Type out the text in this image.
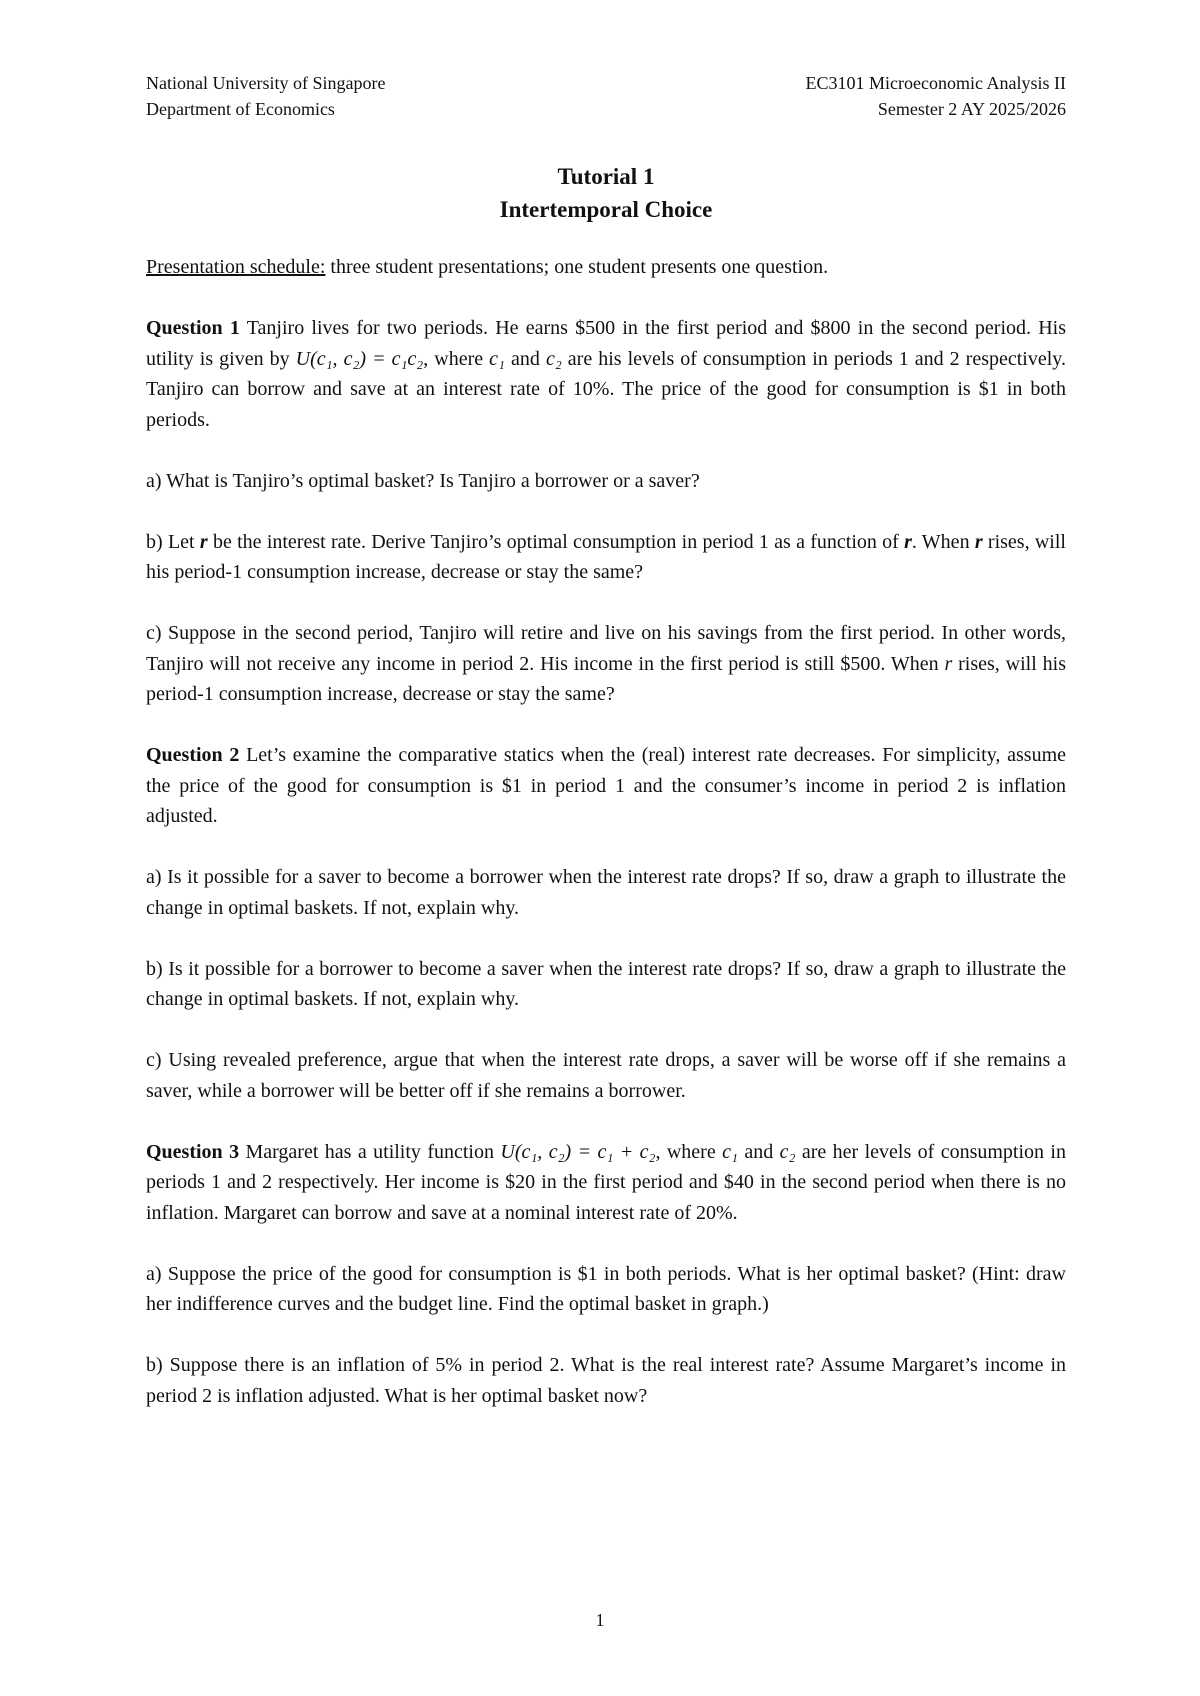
National University of Singapore
Department of Economics
EC3101 Microeconomic Analysis II
Semester 2 AY 2025/2026
Tutorial 1
Intertemporal Choice

Presentation schedule: three student presentations; one student presents one question.

Question 1 Tanjiro lives for two periods. He earns $500 in the first period and $800 in the second period. His utility is given by U(c₁, c₂) = c₁c₂, where c₁ and c₂ are his levels of consumption in periods 1 and 2 respectively. Tanjiro can borrow and save at an interest rate of 10%. The price of the good for consumption is $1 in both periods.

a) What is Tanjiro’s optimal basket? Is Tanjiro a borrower or a saver?

b) Let r be the interest rate. Derive Tanjiro’s optimal consumption in period 1 as a function of r. When r rises, will his period-1 consumption increase, decrease or stay the same?

c) Suppose in the second period, Tanjiro will retire and live on his savings from the first period. In other words, Tanjiro will not receive any income in period 2. His income in the first period is still $500. When r rises, will his period-1 consumption increase, decrease or stay the same?

Question 2 Let’s examine the comparative statics when the (real) interest rate decreases. For simplicity, assume the price of the good for consumption is $1 in period 1 and the consumer’s income in period 2 is inflation adjusted.

a) Is it possible for a saver to become a borrower when the interest rate drops? If so, draw a graph to illustrate the change in optimal baskets. If not, explain why.

b) Is it possible for a borrower to become a saver when the interest rate drops? If so, draw a graph to illustrate the change in optimal baskets. If not, explain why.

c) Using revealed preference, argue that when the interest rate drops, a saver will be worse off if she remains a saver, while a borrower will be better off if she remains a borrower.

Question 3 Margaret has a utility function U(c₁, c₂) = c₁ + c₂, where c₁ and c₂ are her levels of consumption in periods 1 and 2 respectively. Her income is $20 in the first period and $40 in the second period when there is no inflation. Margaret can borrow and save at a nominal interest rate of 20%.

a) Suppose the price of the good for consumption is $1 in both periods. What is her optimal basket? (Hint: draw her indifference curves and the budget line. Find the optimal basket in graph.)

b) Suppose there is an inflation of 5% in period 2. What is the real interest rate? Assume Margaret’s income in period 2 is inflation adjusted. What is her optimal basket now?

1
